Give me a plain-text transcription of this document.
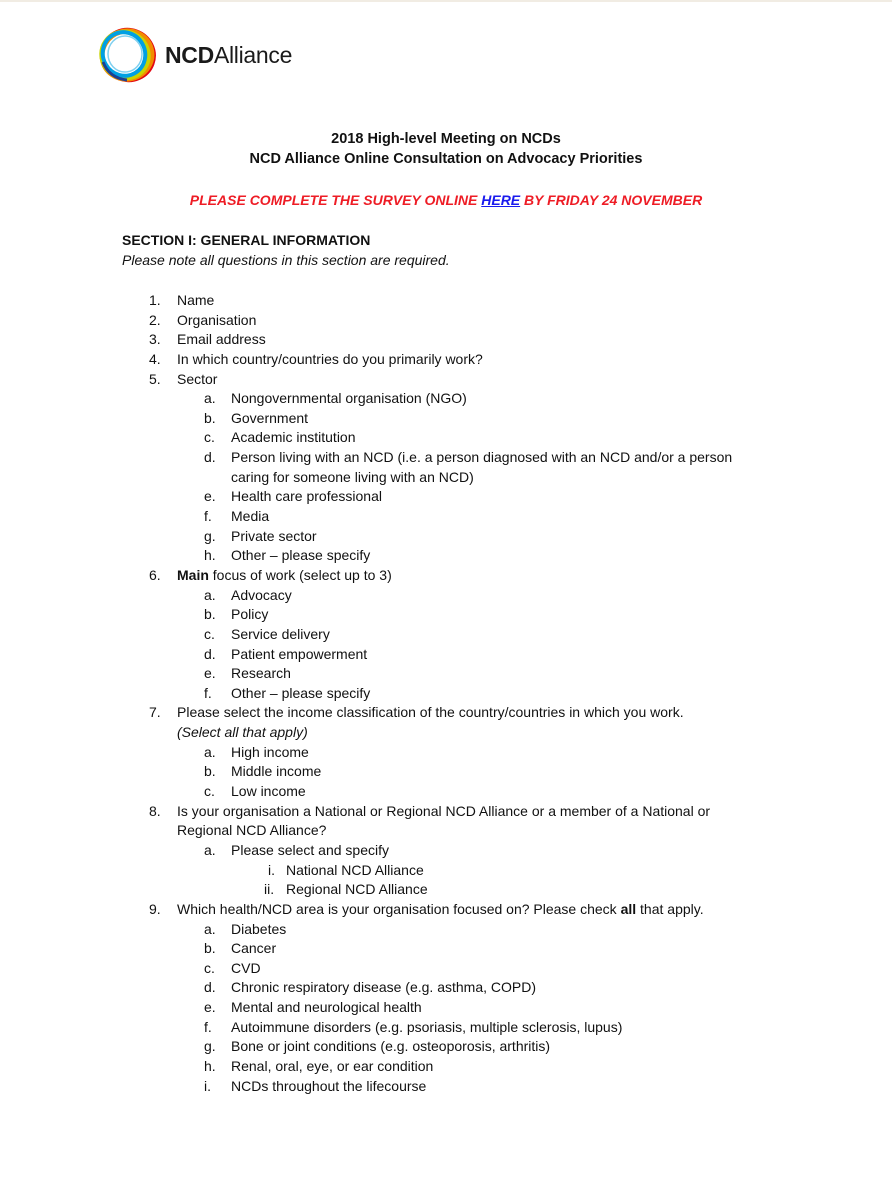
NCDAlliance
2018 High-level Meeting on NCDs
NCD Alliance Online Consultation on Advocacy Priorities
PLEASE COMPLETE THE SURVEY ONLINE HERE BY FRIDAY 24 NOVEMBER
SECTION I: GENERAL INFORMATION
Please note all questions in this section are required.
1. Name
2. Organisation
3. Email address
4. In which country/countries do you primarily work?
5. Sector
a. Nongovernmental organisation (NGO)
b. Government
c. Academic institution
d. Person living with an NCD (i.e. a person diagnosed with an NCD and/or a person
caring for someone living with an NCD)
e. Health care professional
f. Media
g. Private sector
h. Other – please specify
6. Main focus of work (select up to 3)
a. Advocacy
b. Policy
c. Service delivery
d. Patient empowerment
e. Research
f. Other – please specify
7. Please select the income classification of the country/countries in which you work.
(Select all that apply)
a. High income
b. Middle income
c. Low income
8. Is your organisation a National or Regional NCD Alliance or a member of a National or
Regional NCD Alliance?
a. Please select and specify
i. National NCD Alliance
ii. Regional NCD Alliance
9. Which health/NCD area is your organisation focused on? Please check all that apply.
a. Diabetes
b. Cancer
c. CVD
d. Chronic respiratory disease (e.g. asthma, COPD)
e. Mental and neurological health
f. Autoimmune disorders (e.g. psoriasis, multiple sclerosis, lupus)
g. Bone or joint conditions (e.g. osteoporosis, arthritis)
h. Renal, oral, eye, or ear condition
i. NCDs throughout the lifecourse
